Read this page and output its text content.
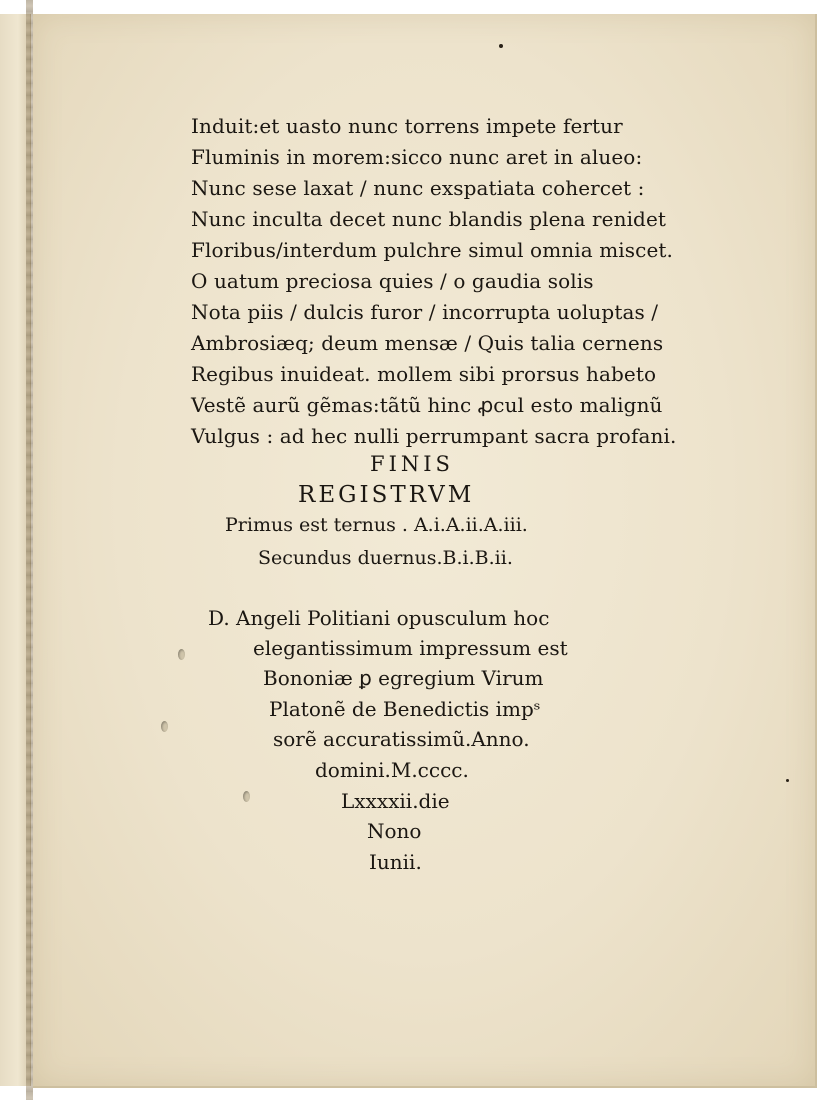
Induit:et uasto nunc torrens impete fertur
Fluminis in morem:sicco nunc aret in alueo:
Nunc sese laxat / nunc exspatiata cohercet :
Nunc inculta decet nunc blandis plena renidet
Floribus/interdum pulchre simul omnia miscet.
O uatum preciosa quies / o gaudia solis
Nota piis / dulcis furor / incorrupta uoluptas /
Ambrosiæq; deum mensæ / Quis talia cernens
Regibus inuideat. mollem sibi prorsus habeto
Vestẽ aurũ gẽmas:tãtũ hinc ꝓcul esto malignũ
Vulgus : ad hec nulli perrumpant sacra profani.
FINIS
REGISTRVM
Primus est ternus . A.i.A.ii.A.iii.
Secundus duernus.B.i.B.ii.
D. Angeli Politiani opusculum hoc
elegantissimum impressum est
Bononiæ ꝑ egregium Virum
Platonẽ de Benedictis impˢ
sorẽ accuratissimũ.Anno.
domini.M.cccc.
Lxxxxii.die
Nono
Iunii.
